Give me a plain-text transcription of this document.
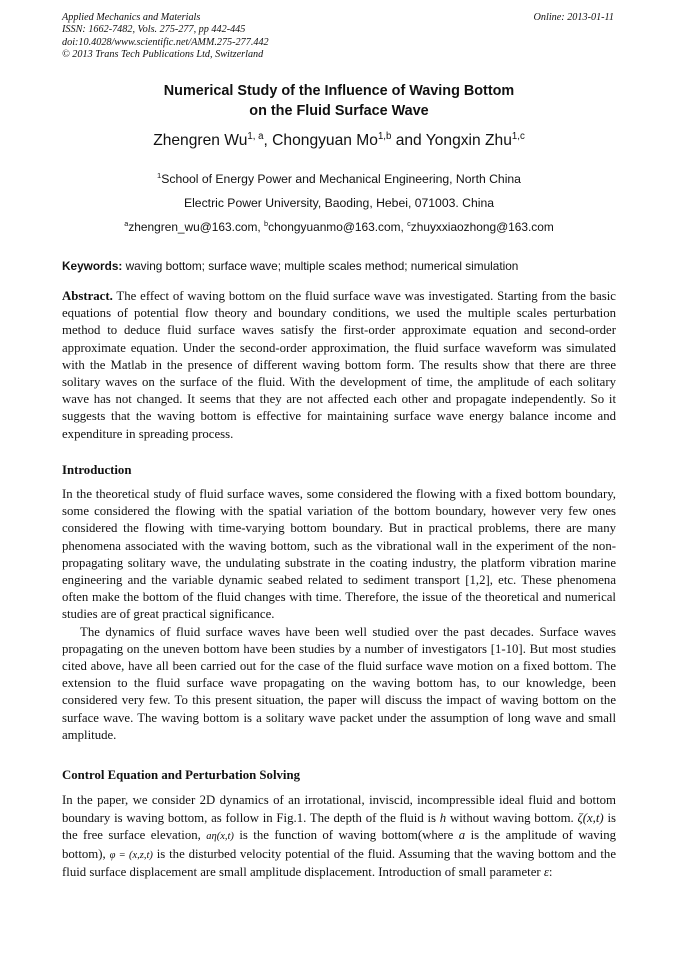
Applied Mechanics and Materials
ISSN: 1662-7482, Vols. 275-277, pp 442-445
doi:10.4028/www.scientific.net/AMM.275-277.442
© 2013 Trans Tech Publications Ltd, Switzerland
Online: 2013-01-11
Numerical Study of the Influence of Waving Bottom
on the Fluid Surface Wave
Zhengren Wu$^{1, a}$, Chongyuan Mo$^{1,b}$ and Yongxin Zhu$^{1,c}$
$^1$School of Energy Power and Mechanical Engineering, North China
Electric Power University, Baoding, Hebei, 071003. China
$^a$zhengren_wu@163.com, $^b$chongyuanmo@163.com, $^c$zhuyxxiaozhong@163.com
Keywords: waving bottom; surface wave; multiple scales method; numerical simulation

Abstract. The effect of waving bottom on the fluid surface wave was investigated. Starting from the basic equations of potential flow theory and boundary conditions, we used the multiple scales perturbation method to deduce fluid surface waves satisfy the first-order approximate equation and second-order approximate equation. Under the second-order approximation, the fluid surface waveform was simulated with the Matlab in the presence of different waving bottom form. The results show that there are three solitary waves on the surface of the fluid. With the development of time, the amplitude of each solitary wave has not changed. It seems that they are not affected each other and propagate independently. So it suggests that the waving bottom is effective for maintaining surface wave energy balance income and expenditure in spreading process.

Introduction

In the theoretical study of fluid surface waves, some considered the flowing with a fixed bottom boundary, some considered the flowing with the spatial variation of the bottom boundary, however very few ones considered the flowing with time-varying bottom boundary. But in practical problems, there are many phenomena associated with the waving bottom, such as the vibrational wall in the experiment of the non-propagating solitary wave, the undulating substrate in the coating industry, the platform vibration marine engineering and the variable dynamic seabed related to sediment transport [1,2], etc. These phenomena often make the bottom of the fluid changes with time. Therefore, the issue of the theoretical and numerical studies are of great practical significance.

The dynamics of fluid surface waves have been well studied over the past decades. Surface waves propagating on the uneven bottom have been studies by a number of investigators [1-10]. But most studies cited above, have all been carried out for the case of the fluid surface wave motion on a fixed bottom. The extension to the fluid surface wave propagating on the waving bottom has, to our knowledge, been considered very few. To this present situation, the paper will discuss the impact of waving bottom on the surface wave. The waving bottom is a solitary wave packet under the assumption of long wave and small amplitude.

Control Equation and Perturbation Solving

In the paper, we consider 2D dynamics of an irrotational, inviscid, incompressible ideal fluid and bottom boundary is waving bottom, as follow in Fig.1. The depth of the fluid is h without waving bottom. ζ(x,t) is the free surface elevation, aη(x,t) is the function of waving bottom(where a is the amplitude of waving bottom), φ = (x,z,t) is the disturbed velocity potential of the fluid. Assuming that the waving bottom and the fluid surface displacement are small amplitude displacement. Introduction of small parameter ε:
